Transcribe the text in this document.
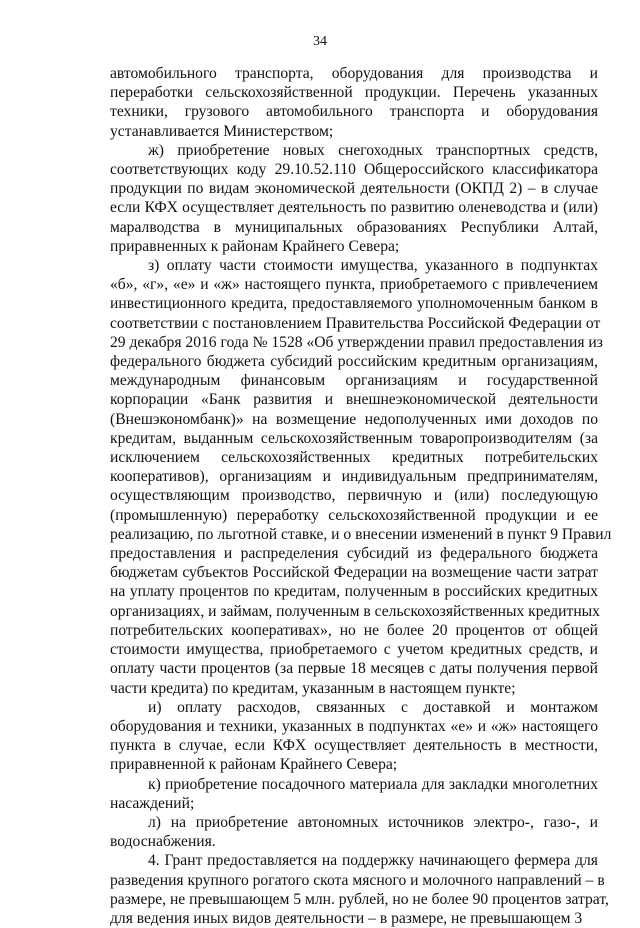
34
автомобильного транспорта, оборудования для производства и
переработки сельскохозяйственной продукции. Перечень указанных
техники, грузового автомобильного транспорта и оборудования
устанавливается Министерством;
ж) приобретение новых снегоходных транспортных средств,
соответствующих коду 29.10.52.110 Общероссийского классификатора
продукции по видам экономической деятельности (ОКПД 2) – в случае
если КФХ осуществляет деятельность по развитию оленеводства и (или)
маралводства в муниципальных образованиях Республики Алтай,
приравненных к районам Крайнего Севера;
з) оплату части стоимости имущества, указанного в подпунктах
«б», «г», «е» и «ж» настоящего пункта, приобретаемого с привлечением
инвестиционного кредита, предоставляемого уполномоченным банком в
соответствии с постановлением Правительства Российской Федерации от
29 декабря 2016 года № 1528 «Об утверждении правил предоставления из
федерального бюджета субсидий российским кредитным организациям,
международным финансовым организациям и государственной
корпорации «Банк развития и внешнеэкономической деятельности
(Внешэкономбанк)» на возмещение недополученных ими доходов по
кредитам, выданным сельскохозяйственным товаропроизводителям (за
исключением сельскохозяйственных кредитных потребительских
кооперативов), организациям и индивидуальным предпринимателям,
осуществляющим производство, первичную и (или) последующую
(промышленную) переработку сельскохозяйственной продукции и ее
реализацию, по льготной ставке, и о внесении изменений в пункт 9 Правил
предоставления и распределения субсидий из федерального бюджета
бюджетам субъектов Российской Федерации на возмещение части затрат
на уплату процентов по кредитам, полученным в российских кредитных
организациях, и займам, полученным в сельскохозяйственных кредитных
потребительских кооперативах», но не более 20 процентов от общей
стоимости имущества, приобретаемого с учетом кредитных средств, и
оплату части процентов (за первые 18 месяцев с даты получения первой
части кредита) по кредитам, указанным в настоящем пункте;
и) оплату расходов, связанных с доставкой и монтажом
оборудования и техники, указанных в подпунктах «е» и «ж» настоящего
пункта в случае, если КФХ осуществляет деятельность в местности,
приравненной к районам Крайнего Севера;
к) приобретение посадочного материала для закладки многолетних
насаждений;
л) на приобретение автономных источников электро-, газо-, и
водоснабжения.
4. Грант предоставляется на поддержку начинающего фермера для
разведения крупного рогатого скота мясного и молочного направлений – в
размере, не превышающем 5 млн. рублей, но не более 90 процентов затрат,
для ведения иных видов деятельности – в размере, не превышающем 3
